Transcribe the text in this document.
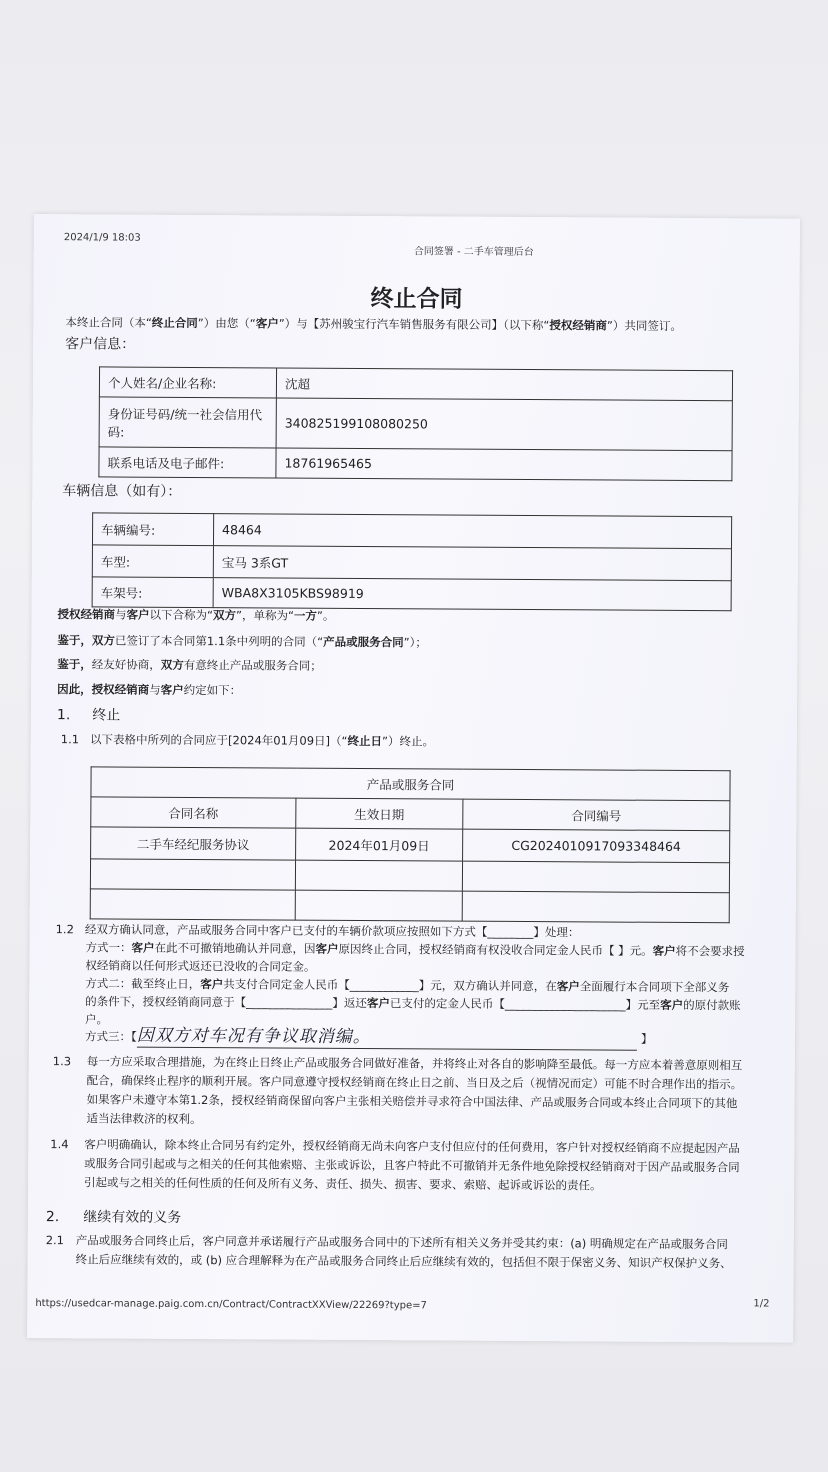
2024/1/9 18:03
合同签署 - 二手车管理后台
终止合同
本终止合同（本“终止合同”）由您（“客户”）与【苏州骏宝行汽车销售服务有限公司】（以下称“授权经销商”）共同签订。
客户信息：
个人姓名/企业名称:	沈超
身份证号码/统一社会信用代码:	340825199108080250
联系电话及电子邮件:	18761965465
车辆信息（如有）：
车辆编号:	48464
车型:	宝马 3系GT
车架号:	WBA8X3105KBS98919
授权经销商与客户以下合称为“双方”，单称为“一方”。
鉴于，双方已签订了本合同第1.1条中列明的合同（“产品或服务合同”）；
鉴于，经友好协商，双方有意终止产品或服务合同；
因此，授权经销商与客户约定如下：
1. 终止
1.1 以下表格中所列的合同应于[2024年01月09日]（“终止日”）终止。
产品或服务合同		
合同名称	生效日期	合同编号
二手车经纪服务协议	2024年01月09日	CG2024010917093348464

1.2 经双方确认同意，产品或服务合同中客户已支付的车辆价款项应按照如下方式【________】处理：
方式一：客户在此不可撤销地确认并同意，因客户原因终止合同，授权经销商有权没收合同定金人民币【 】元。客户将不会要求授
权经销商以任何形式返还已没收的合同定金。
方式二：截至终止日，客户共支付合同定金人民币【____________】元，双方确认并同意，在客户全面履行本合同项下全部义务
的条件下，授权经销商同意于【_______________】返还客户已支付的定金人民币【_____________________】元至客户的原付款账
户。
方式三：【因双方对车况有争议取消编。	】
1.3 每一方应采取合理措施，为在终止日终止产品或服务合同做好准备，并将终止对各自的影响降至最低。每一方应本着善意原则相互
配合，确保终止程序的顺利开展。客户同意遵守授权经销商在终止日之前、当日及之后（视情况而定）可能不时合理作出的指示。
如果客户未遵守本第1.2条，授权经销商保留向客户主张相关赔偿并寻求符合中国法律、产品或服务合同或本终止合同项下的其他
适当法律救济的权利。
1.4 客户明确确认，除本终止合同另有约定外，授权经销商无尚未向客户支付但应付的任何费用，客户针对授权经销商不应提起因产品
或服务合同引起或与之相关的任何其他索赔、主张或诉讼，且客户特此不可撤销并无条件地免除授权经销商对于因产品或服务合同
引起或与之相关的任何性质的任何及所有义务、责任、损失、损害、要求、索赔、起诉或诉讼的责任。
2. 继续有效的义务
2.1 产品或服务合同终止后，客户同意并承诺履行产品或服务合同中的下述所有相关义务并受其约束：(a) 明确规定在产品或服务合同
终止后应继续有效的，或 (b) 应合理解释为在产品或服务合同终止后应继续有效的，包括但不限于保密义务、知识产权保护义务、
https://usedcar-manage.paig.com.cn/Contract/ContractXXView/22269?type=7	1/2
